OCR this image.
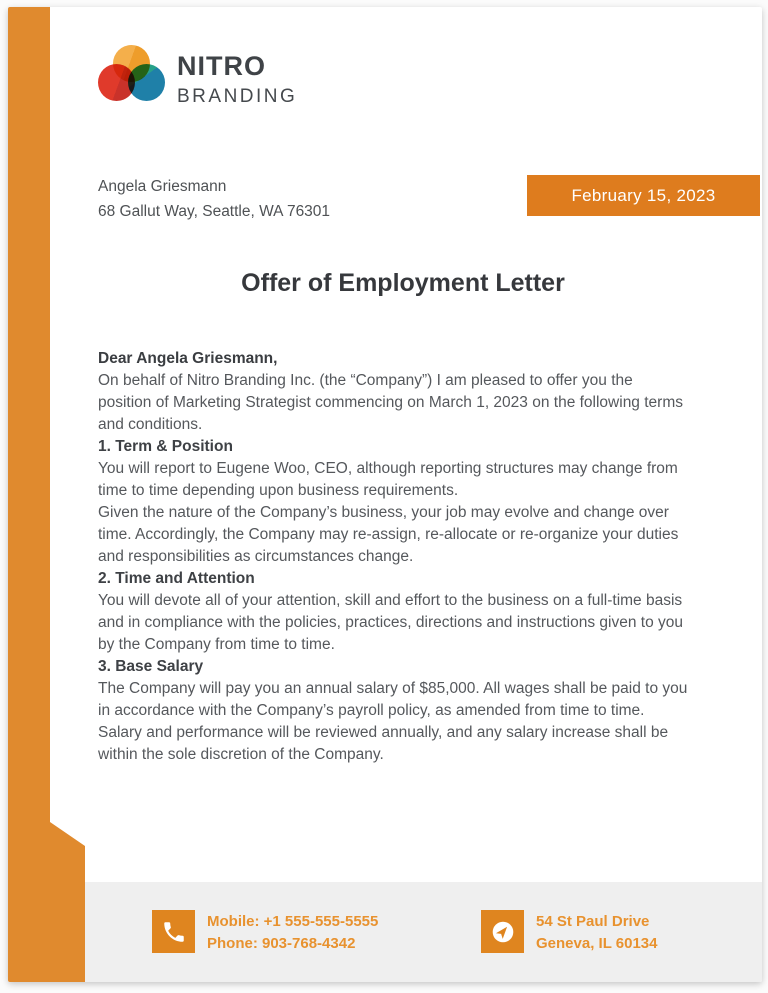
NITRO
BRANDING
Angela Griesmann
68 Gallut Way, Seattle, WA 76301
February 15, 2023
Offer of Employment Letter

Dear Angela Griesmann,

On behalf of Nitro Branding Inc. (the “Company”) I am pleased to offer you the position of Marketing Strategist commencing on March 1, 2023 on the following terms and conditions.

1. Term & Position

You will report to Eugene Woo, CEO, although reporting structures may change from time to time depending upon business requirements.

Given the nature of the Company’s business, your job may evolve and change over time. Accordingly, the Company may re-assign, re-allocate or re-organize your duties and responsibilities as circumstances change.

2. Time and Attention

You will devote all of your attention, skill and effort to the business on a full-time basis and in compliance with the policies, practices, directions and instructions given to you by the Company from time to time.

3. Base Salary

The Company will pay you an annual salary of $85,000. All wages shall be paid to you in accordance with the Company’s payroll policy, as amended from time to time. Salary and performance will be reviewed annually, and any salary increase shall be within the sole discretion of the Company.

Mobile: +1 555-555-5555
Phone: 903-768-4342
54 St Paul Drive
Geneva, IL 60134
